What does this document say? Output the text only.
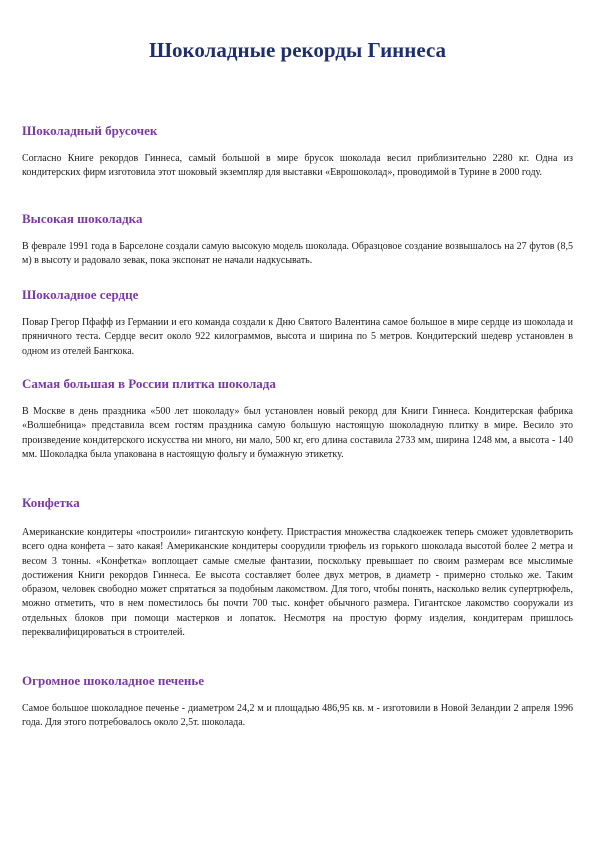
Шоколадные рекорды Гиннеса
Шоколадный брусочек

Согласно Книге рекордов Гиннеса, самый большой в мире брусок шоколада весил приблизительно 2280 кг. Одна из кондитерских фирм изготовила этот шоковый экземпляр для выставки «Еврошоколад», проводимой в Турине в 2000 году.

Высокая шоколадка

В феврале 1991 года в Барселоне создали самую высокую модель шоколада. Образцовое создание возвышалось на 27 футов (8,5 м) в высоту и радовало зевак, пока экспонат не начали надкусывать.

Шоколадное сердце

Повар Грегор Пфафф из Германии и его команда создали к Дню Святого Валентина самое большое в мире сердце из шоколада и пряничного теста. Сердце весит около 922 килограммов, высота и ширина по 5 метров. Кондитерский шедевр установлен в одном из отелей Бангкока.

Самая большая в России плитка шоколада

В Москве в день праздника «500 лет шоколаду» был установлен новый рекорд для Книги Гиннеса. Кондитерская фабрика «Волшебница» представила всем гостям праздника самую большую настоящую шоколадную плитку в мире. Весило это произведение кондитерского искусства ни много, ни мало, 500 кг, его длина составила 2733 мм, ширина 1248 мм, а высота - 140 мм. Шоколадка была упакована в настоящую фольгу и бумажную этикетку.

Конфетка

Американские кондитеры «построили» гигантскую конфету. Пристрастия множества сладкоежек теперь сможет удовлетворить всего одна конфета – зато какая! Американские кондитеры соорудили трюфель из горького шоколада высотой более 2 метра и весом 3 тонны. «Конфетка» воплощает самые смелые фантазии, поскольку превышает по своим размерам все мыслимые достижения Книги рекордов Гиннеса. Ее высота составляет более двух метров, в диаметр - примерно столько же. Таким образом, человек свободно может спрятаться за подобным лакомством. Для того, чтобы понять, насколько велик супертрюфель, можно отметить, что в нем поместилось бы почти 700 тыс. конфет обычного размера. Гигантское лакомство сооружали из отдельных блоков при помощи мастерков и лопаток. Несмотря на простую форму изделия, кондитерам пришлось переквалифицироваться в строителей.

Огромное шоколадное печенье

Самое большое шоколадное печенье - диаметром 24,2 м и площадью 486,95 кв. м - изготовили в Новой Зеландии 2 апреля 1996 года. Для этого потребовалось около 2,5т. шоколада.
